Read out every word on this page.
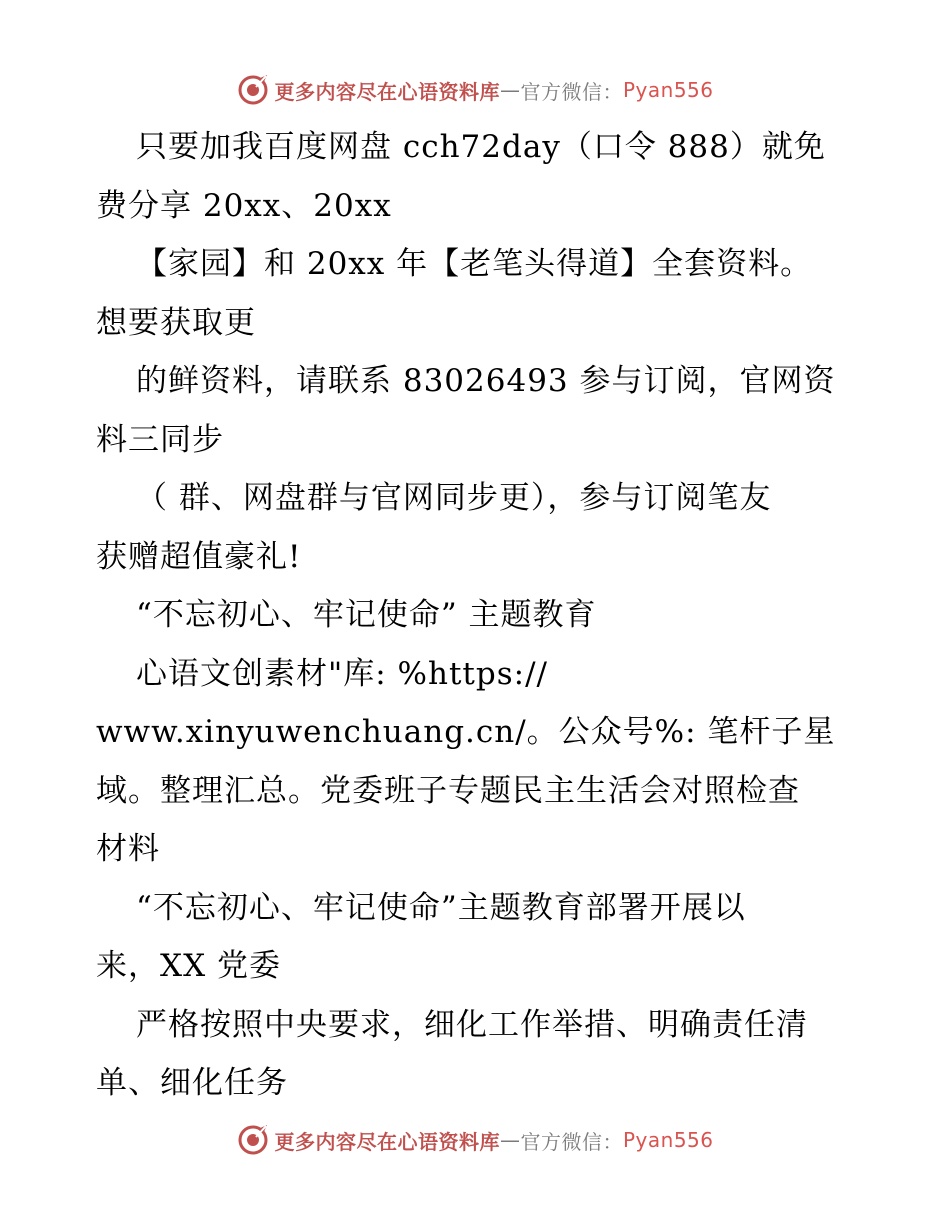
更多内容尽在心语资料库 — 官方微信： Pyan556

只要加我百度网盘 cch72day（口令 888）就免

费分享 20xx、20xx

【家园】和 20xx 年【老笔头得道】全套资料。

想要获取更

的鲜资料，请联系 83026493 参与订阅，官网资

料三同步

（ 群、网盘群与官网同步更），参与订阅笔友

获赠超值豪礼!

“不忘初心、牢记使命” 主题教育

心语文创素材"库: %https://

www.xinyuwenchuang.cn/。公众号%: 笔杆子星

域。整理汇总。党委班子专题民主生活会对照检查

材料

“不忘初心、牢记使命”主题教育部署开展以

来，XX 党委

严格按照中央要求，细化工作举措、明确责任清

单、细化任务

更多内容尽在心语资料库 — 官方微信： Pyan556
